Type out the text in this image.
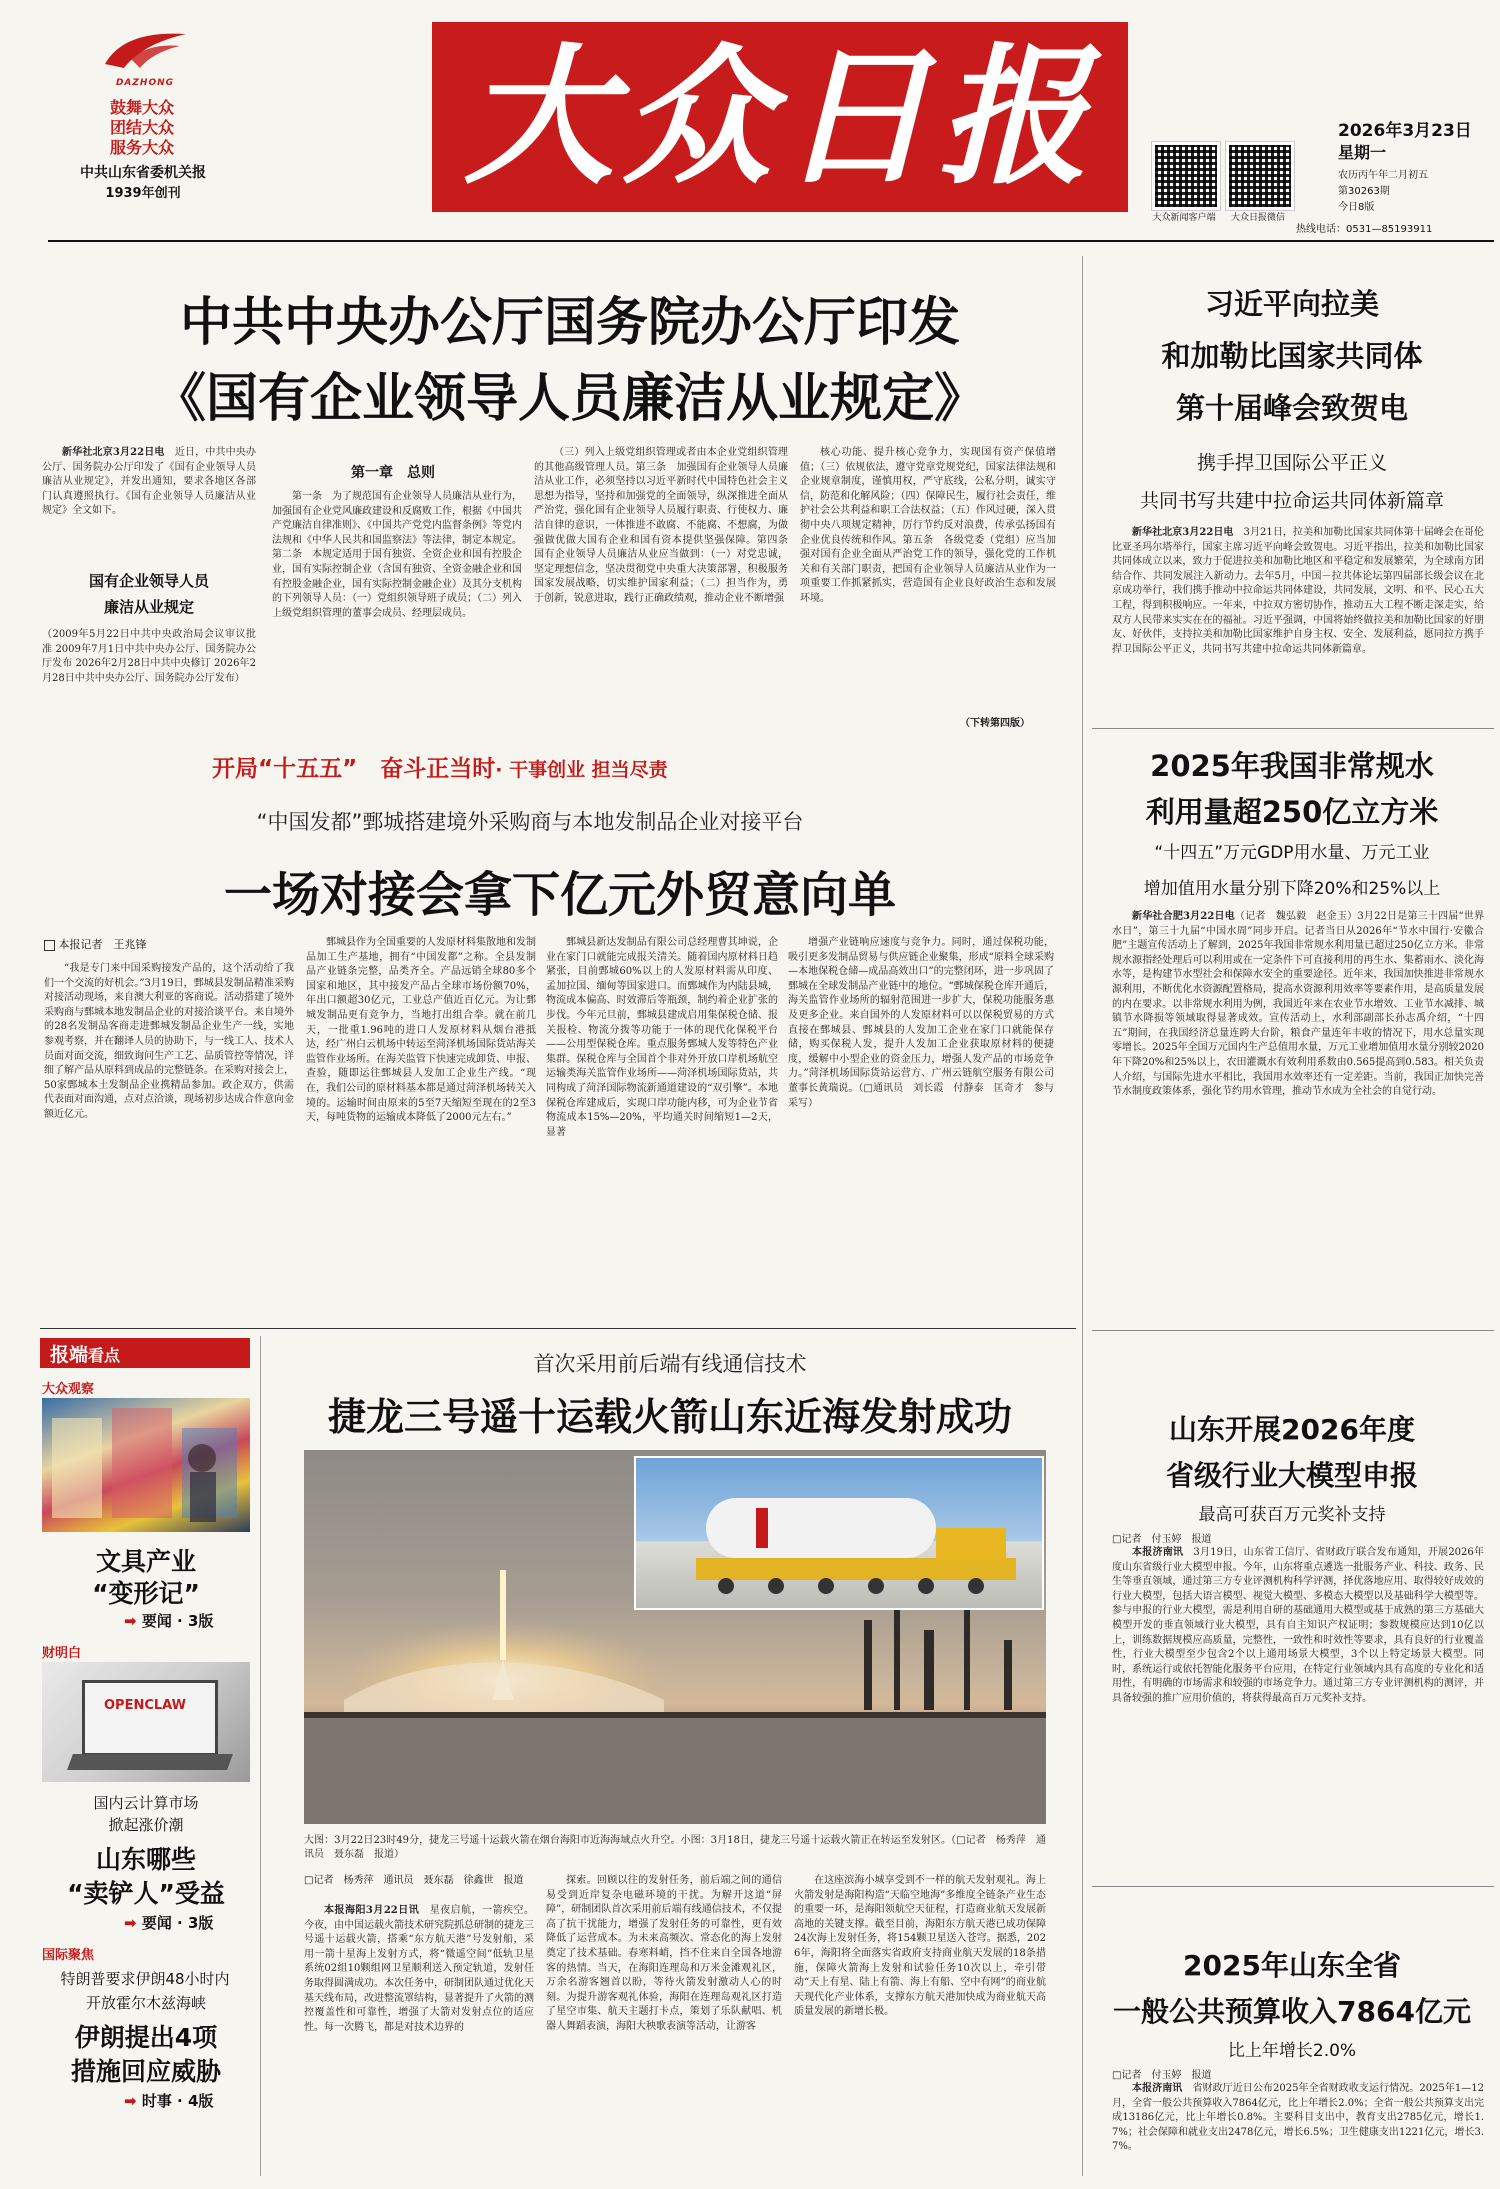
DAZHONG
鼓舞大众
团结大众
服务大众
中共山东省委机关报
1939年创刊	大众日报
大众新闻客户端	大众日报微信
2026年3月23日
星期一
农历丙午年二月初五
第30263期
今日8版
热线电话：0531—85193911
中共中央办公厅国务院办公厅印发
《国有企业领导人员廉洁从业规定》

新华社北京3月22日电　 近日，中共中央办公厅、国务院办公厅印发了《国有企业领导人员廉洁从业规定》，并发出通知，要求各地区各部门认真遵照执行。《国有企业领导人员廉洁从业规定》全文如下。

国有企业领导人员
廉洁从业规定
（2009年5月22日中共中央政治局会议审议批准 2009年7月1日中共中央办公厅、国务院办公厅发布 2026年2月28日中共中央修订 2026年2月28日中共中央办公厅、国务院办公厅发布）
第一章　总则
第一条　为了规范国有企业领导人员廉洁从业行为，加强国有企业党风廉政建设和反腐败工作，根据《中国共产党廉洁自律准则》、《中国共产党党内监督条例》等党内法规和《中华人民共和国监察法》等法律，制定本规定。第二条　本规定适用于国有独资、全资企业和国有控股企业，国有实际控制企业（含国有独资、全资金融企业和国有控股金融企业，国有实际控制金融企业）及其分支机构的下列领导人员：（一）党组织领导班子成员；（二）列入上级党组织管理的董事会成员、经理层成员。
（三）列入上级党组织管理或者由本企业党组织管理的其他高级管理人员。第三条　加强国有企业领导人员廉洁从业工作，必须坚持以习近平新时代中国特色社会主义思想为指导，坚持和加强党的全面领导，纵深推进全面从严治党，强化国有企业领导人员履行职责、行使权力、廉洁自律的意识，一体推进不敢腐、不能腐、不想腐，为做强做优做大国有企业和国有资本提供坚强保障。第四条　国有企业领导人员廉洁从业应当做到：（一）对党忠诚，坚定理想信念，坚决贯彻党中央重大决策部署，积极服务国家发展战略，切实维护国家利益；（二）担当作为，勇于创新，锐意进取，践行正确政绩观，推动企业不断增强
核心功能、提升核心竞争力，实现国有资产保值增值；（三）依规依法，遵守党章党规党纪，国家法律法规和企业规章制度，谨慎用权，严守底线，公私分明，诚实守信，防范和化解风险；（四）保障民生，履行社会责任，维护社会公共利益和职工合法权益；（五）作风过硬，深入贯彻中央八项规定精神，厉行节约反对浪费，传承弘扬国有企业优良传统和作风。第五条　各级党委（党组）应当加强对国有企业全面从严治党工作的领导，强化党的工作机关和有关部门职责，把国有企业领导人员廉洁从业作为一项重要工作抓紧抓实，营造国有企业良好政治生态和发展环境。
（下转第四版）
开局“十五五”　奋斗正当时· 干事创业 担当尽责
“中国发都”鄄城搭建境外采购商与本地发制品企业对接平台
一场对接会拿下亿元外贸意向单
本报记者　王兆锋
“我是专门来中国采购接发产品的，这个活动给了我们一个交流的好机会。”3月19日，鄄城县发制品精准采购对接活动现场，来自澳大利亚的客商说。活动搭建了境外采购商与鄄城本地发制品企业的对接洽谈平台。来自境外的28名发制品客商走进鄄城发制品企业生产一线，实地参观考察，并在翻译人员的协助下，与一线工人、技术人员面对面交流，细致询问生产工艺、品质管控等情况，详细了解产品从原料到成品的完整链条。在采购对接会上，50家鄄城本土发制品企业携精品参加。政企双方，供需代表面对面沟通，点对点洽谈，现场初步达成合作意向金额近亿元。
鄄城县作为全国重要的人发原材料集散地和发制品加工生产基地，拥有“中国发都”之称。全县发制品产业链条完整，品类齐全。产品远销全球80多个国家和地区，其中接发产品占全球市场份额70%，年出口额超30亿元，工业总产值近百亿元。为让鄄城发制品更有竞争力，当地打出组合拳。就在前几天，一批重1.96吨的进口人发原材料从烟台港抵达，经广州白云机场中转运至菏泽机场国际货站海关监管作业场所。在海关监管下快速完成卸货、申报、查验，随即运往鄄城县人发加工企业生产线。“现在，我们公司的原材料基本都是通过菏泽机场转关入境的。运输时间由原来的5至7天缩短至现在的2至3天，每吨货物的运输成本降低了2000元左右。”
鄄城县新达发制品有限公司总经理曹其坤说，企业在家门口就能完成报关清关。随着国内原材料日趋紧张，目前鄄城60%以上的人发原材料需从印度、孟加拉国、缅甸等国家进口。而鄄城作为内陆县城，物流成本偏高、时效滞后等瓶颈，制约着企业扩张的步伐。今年元旦前，鄄城县建成启用集保税仓储、报关报检、物流分拨等功能于一体的现代化保税平台——公用型保税仓库。重点服务鄄城人发等特色产业集群。保税仓库与全国首个非对外开放口岸机场航空运输类海关监管作业场所——菏泽机场国际货站，共同构成了菏泽国际物流新通道建设的“双引擎”。本地保税仓库建成后，实现口岸功能内移，可为企业节省物流成本15%—20%，平均通关时间缩短1—2天，显著
增强产业链响应速度与竞争力。同时，通过保税功能，吸引更多发制品贸易与供应链企业聚集，形成“原料全球采购—本地保税仓储—成品高效出口”的完整闭环，进一步巩固了鄄城在全球发制品产业链中的地位。“鄄城保税仓库开通后，海关监管作业场所的辐射范围进一步扩大，保税功能服务惠及更多企业。来自国外的人发原材料可以以保税贸易的方式直接在鄄城县、鄄城县的人发加工企业在家门口就能保存储，购买保税人发，提升人发加工企业获取原材料的便捷度，缓解中小型企业的资金压力，增强人发产品的市场竞争力。”菏泽机场国际货站运营方、广州云链航空服务有限公司董事长黄瑞说。（□通讯员　刘长霞　付静泰　匡奇才　参与采写）
报端看点
大众观察
文具产业
“变形记”
➡ 要闻 · 3版
财明白
OPENCLAW
国内云计算市场
掀起涨价潮
山东哪些
“卖铲人”受益
➡ 要闻 · 3版
国际聚焦
特朗普要求伊朗48小时内
开放霍尔木兹海峡
伊朗提出4项
措施回应威胁
➡ 时事 · 4版
首次采用前后端有线通信技术
捷龙三号遥十运载火箭山东近海发射成功
大图：3月22日23时49分，捷龙三号遥十运载火箭在烟台海阳市近海海域点火升空。小图：3月18日，捷龙三号遥十运载火箭正在转运至发射区。（□记者　杨秀萍　通讯员　聂东磊　报道）
□记者　杨秀萍　通讯员　聂东磊　徐鑫世　报道

本报海阳3月22日讯　 星夜启航，一箭疾空。今夜，由中国运载火箭技术研究院抓总研制的捷龙三号遥十运载火箭，搭乘“东方航天港”号发射船，采用一箭十星海上发射方式，将“微遥空间”低轨卫星系统02组10颗组网卫星顺利送入预定轨道，发射任务取得圆满成功。本次任务中，研制团队通过优化天基天线布局，改进整流罩结构，显著提升了火箭的测控覆盖性和可靠性，增强了大箭对发射点位的适应性。每一次腾飞，都是对技术边界的

探索。回顾以往的发射任务，前后端之间的通信易受到近岸复杂电磁环境的干扰。为解开这道“屏障”，研制团队首次采用前后端有线通信技术，不仅提高了抗干扰能力，增强了发射任务的可靠性，更有效降低了运营成本。为未来高频次、常态化的海上发射奠定了技术基础。春寒料峭，挡不住来自全国各地游客的热情。当天，在海阳连理岛和万米金滩观礼区，万余名游客翘首以盼，等待火箭发射激动人心的时刻。为提升游客观礼体验，海阳在连理岛观礼区打造了星空市集、航天主题打卡点，策划了乐队献唱、机器人舞蹈表演，海阳大秧歌表演等活动，让游客
在这座滨海小城享受到不一样的航天发射观礼。海上火箭发射是海阳构造“天临空地海”多维度全链条产业生态的重要一环，是海阳领航空天征程，打造商业航天发展新高地的关键支撑。截至目前，海阳东方航天港已成功保障24次海上发射任务，将154颗卫星送入苍穹。据悉，2026年，海阳将全面落实省政府支持商业航天发展的18条措施，保障火箭海上发射和试验任务10次以上，牵引带动“天上有星、陆上有箭、海上有船、空中有网”的商业航天现代化产业体系，支撑东方航天港加快成为商业航天高质量发展的新增长极。
习近平向拉美
和加勒比国家共同体
第十届峰会致贺电
携手捍卫国际公平正义
共同书写共建中拉命运共同体新篇章

新华社北京3月22日电　 3月21日，拉美和加勒比国家共同体第十届峰会在哥伦比亚圣玛尔塔举行，国家主席习近平向峰会致贺电。习近平指出，拉美和加勒比国家共同体成立以来，致力于促进拉美和加勒比地区和平稳定和发展繁荣，为全球南方团结合作、共同发展注入新动力。去年5月，中国－拉共体论坛第四届部长级会议在北京成功举行，我们携手推动中拉命运共同体建设，共同发展，文明、和平、民心五大工程，得到积极响应。一年来，中拉双方密切协作，推动五大工程不断走深走实，给双方人民带来实实在在的福祉。习近平强调，中国将始终做拉美和加勒比国家的好朋友、好伙伴，支持拉美和加勒比国家维护自身主权、安全、发展利益，愿同拉方携手捍卫国际公平正义，共同书写共建中拉命运共同体新篇章。

2025年我国非常规水
利用量超250亿立方米
“十四五”万元GDP用水量、万元工业
增加值用水量分别下降20%和25%以上

新华社合肥3月22日电（记者　魏弘毅　赵金玉）3月22日是第三十四届“世界水日”，第三十九届“中国水周”同步开启。记者当日从2026年“节水中国行·安徽合肥”主题宣传活动上了解到，2025年我国非常规水利用量已超过250亿立方米。非常规水源指经处理后可以利用或在一定条件下可直接利用的再生水、集蓄雨水、淡化海水等，是构建节水型社会和保障水安全的重要途径。近年来，我国加快推进非常规水源利用，不断优化水资源配置格局，提高水资源利用效率等要素作用，是高质量发展的内在要求。以非常规水利用为例，我国近年来在农业节水增效、工业节水减排、城镇节水降损等领域取得显著成效。宣传活动上，水利部副部长孙志禹介绍，“十四五”期间，在我国经济总量连跨大台阶，粮食产量连年丰收的情况下，用水总量实现零增长。2025年全国万元国内生产总值用水量，万元工业增加值用水量分别较2020年下降20%和25%以上，农田灌溉水有效利用系数由0.565提高到0.583。相关负责人介绍，与国际先进水平相比，我国用水效率还有一定差距。当前，我国正加快完善节水制度政策体系，强化节约用水管理，推动节水成为全社会的自觉行动。

山东开展2026年度
省级行业大模型申报
最高可获百万元奖补支持
□记者　付玉婷　报道

本报济南讯　 3月19日，山东省工信厅、省财政厅联合发布通知，开展2026年度山东省级行业大模型申报。今年，山东将重点遴选一批服务产业、科技、政务、民生等垂直领域，通过第三方专业评测机构科学评测，择优落地应用、取得较好成效的行业大模型，包括大语言模型、视觉大模型、多模态大模型以及基础科学大模型等。参与申报的行业大模型，需是利用自研的基础通用大模型或基于成熟的第三方基础大模型开发的垂直领域行业大模型，具有自主知识产权证明；参数规模应达到10亿以上，训练数据规模应高质量，完整性，一致性和时效性等要求，具有良好的行业覆盖性，行业大模型至少包含2个以上通用场景大模型，3个以上特定场景大模型。同时，系统运行或依托智能化服务平台应用，在特定行业领域内具有高度的专业化和适用性，有明确的市场需求和较强的市场竞争力。通过第三方专业评测机构的测评，并具备较强的推广应用价值的，将获得最高百万元奖补支持。

2025年山东全省
一般公共预算收入7864亿元
比上年增长2.0%
□记者　付玉婷　报道

本报济南讯　 省财政厅近日公布2025年全省财政收支运行情况。2025年1—12月，全省一般公共预算收入7864亿元，比上年增长2.0%；全省一般公共预算支出完成13186亿元，比上年增长0.8%。主要科目支出中，教育支出2785亿元，增长1.7%；社会保障和就业支出2478亿元，增长6.5%；卫生健康支出1221亿元，增长3.7%。
